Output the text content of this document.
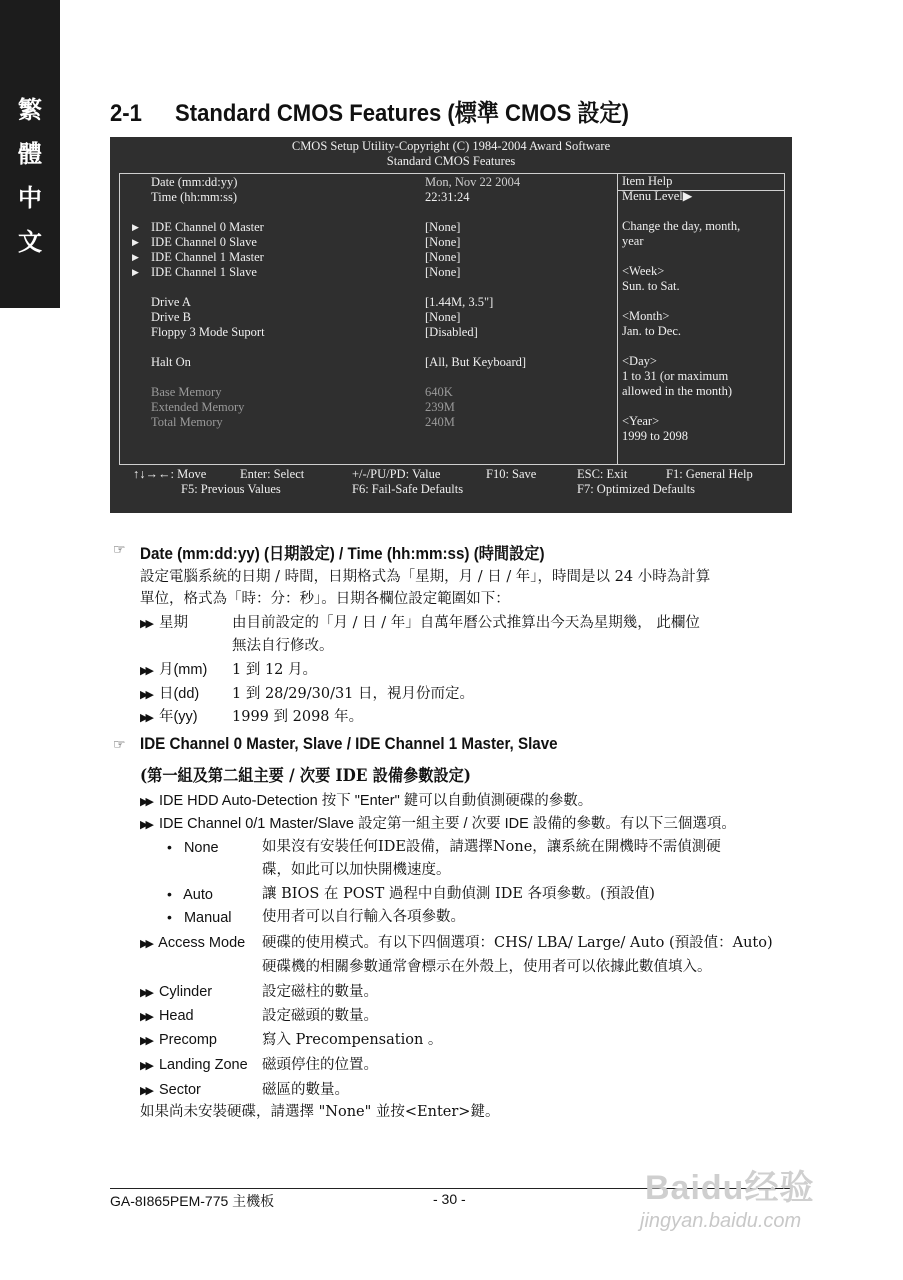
繁
體
中
文
2-1 Standard CMOS Features (標準 CMOS 設定)
CMOS Setup Utility-Copyright (C) 1984-2004 Award Software
Standard CMOS Features
Date (mm:dd:yy)	Mon, Nov 22 2004
Time (hh:mm:ss)	22:31:24
▶ IDE Channel 0 Master	[None]
▶ IDE Channel 0 Slave	[None]
▶ IDE Channel 1 Master	[None]
▶ IDE Channel 1 Slave	[None]
Drive A	[1.44M, 3.5"]
Drive B	[None]
Floppy 3 Mode Suport	[Disabled]
Halt On	[All, But Keyboard]
Base Memory	640K
Extended Memory	239M
Total Memory	240M
Item Help
Menu Level▶
Change the day, month,
year
<Week>
Sun. to Sat.
<Month>
Jan. to Dec.
<Day>
1 to 31 (or maximum
allowed in the month)
<Year>
1999 to 2098
↑↓→←: Move	Enter: Select	+/-/PU/PD: Value	F10: Save	ESC: Exit	F1: General Help
F5: Previous Values	F6: Fail-Safe Defaults	F7: Optimized Defaults
☞ Date (mm:dd:yy) (日期設定) / Time (hh:mm:ss) (時間設定)
設定電腦系統的日期 / 時間，日期格式為「星期，月 / 日 / 年」，時間是以 24 小時為計算
單位，格式為「時：分：秒」。日期各欄位設定範圍如下：
▶▶ 星期	由目前設定的「月 / 日 / 年」自萬年曆公式推算出今天為星期幾， 此欄位
無法自行修改。
▶▶ 月(mm) 1 到 12 月。
▶▶ 日(dd) 1 到 28/29/30/31 日，視月份而定。
▶▶ 年(yy) 1999 到 2098 年。
☞ IDE Channel 0 Master, Slave / IDE Channel 1 Master, Slave
(第一組及第二組主要 / 次要 IDE 設備參數設定)
▶▶ IDE HDD Auto-Detection 按下 "Enter" 鍵可以自動偵測硬碟的參數。
▶▶ IDE Channel 0/1 Master/Slave 設定第一組主要 / 次要 IDE 設備的參數。有以下三個選項。
• None	如果沒有安裝任何IDE設備，請選擇None，讓系統在開機時不需偵測硬
碟，如此可以加快開機速度。
• Auto	讓 BIOS 在 POST 過程中自動偵測 IDE 各項參數。(預設值)
• Manual 使用者可以自行輸入各項參數。
▶▶ Access Mode 硬碟的使用模式。有以下四個選項：CHS/ LBA/ Large/ Auto (預設值：Auto)
硬碟機的相關參數通常會標示在外殼上，使用者可以依據此數值填入。
▶▶ Cylinder	設定磁柱的數量。
▶▶ Head	設定磁頭的數量。
▶▶ Precomp	寫入 Precompensation 。
▶▶ Landing Zone 磁頭停住的位置。
▶▶ Sector	磁區的數量。
如果尚未安裝硬碟，請選擇 "None" 並按<Enter>鍵。
GA-8I865PEM-775 主機板	- 30 -	Baidu经验
jingyan.baidu.com
